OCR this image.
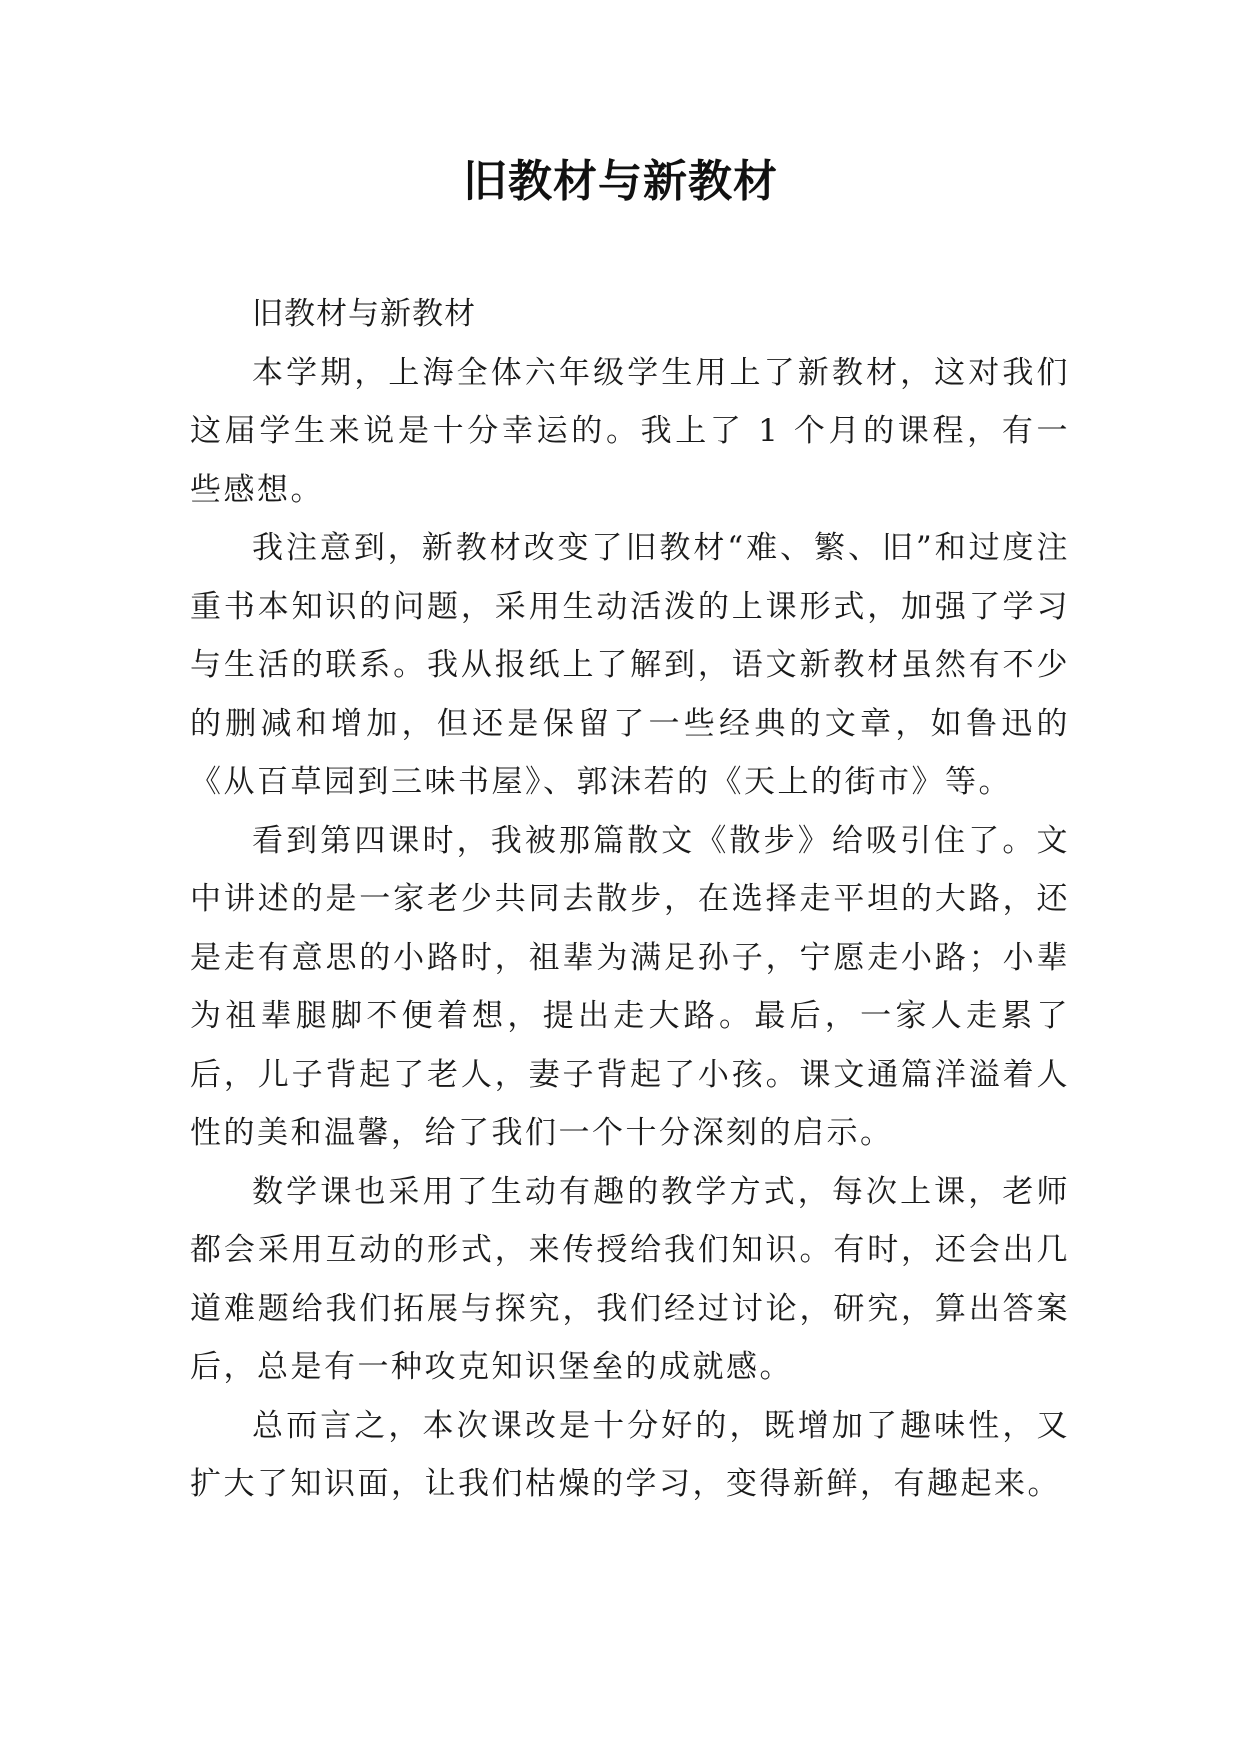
旧教材与新教材

旧教材与新教材

本学期，上海全体六年级学生用上了新教材，这对我们这届学生来说是十分幸运的。我上了 1 个月的课程，有一些感想。

我注意到，新教材改变了旧教材“难、繁、旧”和过度注重书本知识的问题，采用生动活泼的上课形式，加强了学习与生活的联系。我从报纸上了解到，语文新教材虽然有不少的删减和增加，但还是保留了一些经典的文章，如鲁迅的《从百草园到三味书屋》、郭沫若的《天上的街市》等。

看到第四课时，我被那篇散文《散步》给吸引住了。文中讲述的是一家老少共同去散步，在选择走平坦的大路，还是走有意思的小路时，祖辈为满足孙子，宁愿走小路；小辈为祖辈腿脚不便着想，提出走大路。最后，一家人走累了后，儿子背起了老人，妻子背起了小孩。课文通篇洋溢着人性的美和温馨，给了我们一个十分深刻的启示。

数学课也采用了生动有趣的教学方式，每次上课，老师都会采用互动的形式，来传授给我们知识。有时，还会出几道难题给我们拓展与探究，我们经过讨论，研究，算出答案后，总是有一种攻克知识堡垒的成就感。

总而言之，本次课改是十分好的，既增加了趣味性，又扩大了知识面，让我们枯燥的学习，变得新鲜，有趣起来。
